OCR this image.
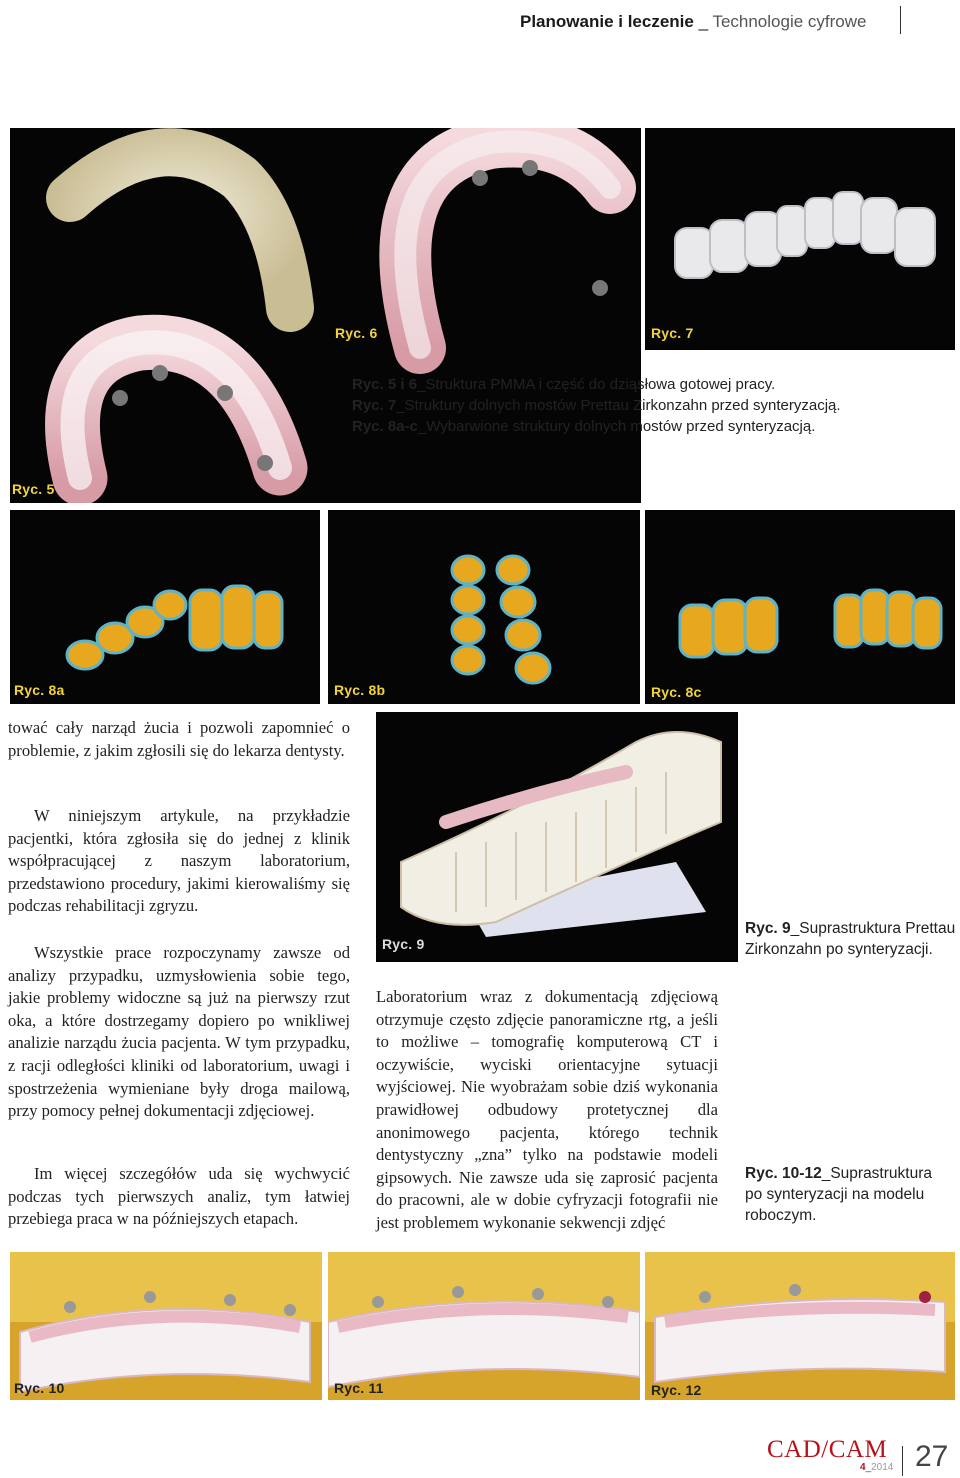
Planowanie i leczenie _ Technologie cyfrowe
Ryc. 5
Ryc. 6	Ryc. 7
Ryc. 5 i 6_Struktura PMMA i część do dziąsłowa gotowej pracy.
Ryc. 7_Struktury dolnych mostów Prettau Zirkonzahn przed synteryzacją.
Ryc. 8a-c_Wybarwione struktury dolnych mostów przed synteryzacją.
Ryc. 8a	Ryc. 8b	Ryc. 8c
tować cały narząd żucia i pozwoli zapomnieć o problemie, z jakim zgłosili się do lekarza dentysty.
W niniejszym artykule, na przykładzie pacjentki, która zgłosiła się do jednej z klinik współpracującej z naszym laboratorium, przedstawiono procedury, jakimi kierowaliśmy się podczas rehabilitacji zgryzu.
Wszystkie prace rozpoczynamy zawsze od analizy przypadku, uzmysłowienia sobie tego, jakie problemy widoczne są już na pierwszy rzut oka, a które dostrzegamy dopiero po wnikliwej analizie narządu żucia pacjenta. W tym przypadku, z racji odległości kliniki od laboratorium, uwagi i spostrzeżenia wymieniane były droga mailową, przy pomocy pełnej dokumentacji zdjęciowej.
Im więcej szczegółów uda się wychwycić podczas tych pierwszych analiz, tym łatwiej przebiega praca w na późniejszych etapach.
Ryc. 9
Ryc. 9_Suprastruktura Prettau
Zirkonzahn po synteryzacji.
Laboratorium wraz z dokumentacją zdjęciową otrzymuje często zdjęcie panoramiczne rtg, a jeśli to możliwe – tomografię komputerową CT i oczywiście, wyciski orientacyjne sytuacji wyjściowej. Nie wyobrażam sobie dziś wykonania prawidłowej odbudowy protetycznej dla anonimowego pacjenta, którego technik dentystyczny „zna” tylko na podstawie modeli gipsowych. Nie zawsze uda się zaprosić pacjenta do pracowni, ale w dobie cyfryzacji fotografii nie jest problemem wykonanie sekwencji zdjęć
Ryc. 10-12_Suprastruktura
po synteryzacji na modelu
roboczym.
Ryc. 10	Ryc. 11	Ryc. 12
CAD/CAM
4_2014 27
